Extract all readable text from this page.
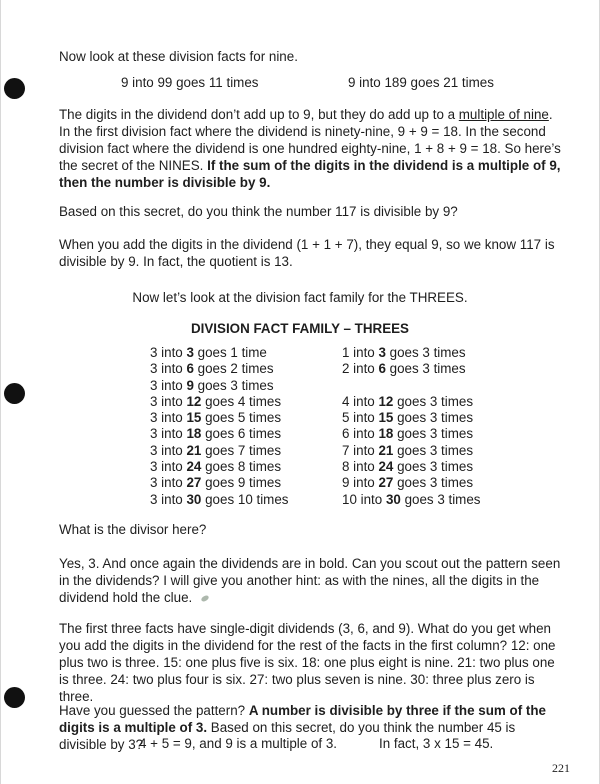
Now look at these division facts for nine.

9 into 99 goes 11 times	9 into 189 goes 21 times

The digits in the dividend don’t add up to 9, but they do add up to a multiple of nine. In the first division fact where the dividend is ninety-nine, 9 + 9 = 18. In the second division fact where the dividend is one hundred eighty-nine, 1 + 8 + 9 = 18. So here’s the secret of the NINES. If the sum of the digits in the dividend is a multiple of 9, then the number is divisible by 9.

Based on this secret, do you think the number 117 is divisible by 9?

When you add the digits in the dividend (1 + 1 + 7), they equal 9, so we know 117 is divisible by 9. In fact, the quotient is 13.

Now let’s look at the division fact family for the THREES.
DIVISION FACT FAMILY – THREES
3 into 3 goes 1 time
3 into 6 goes 2 times
3 into 9 goes 3 times
3 into 12 goes 4 times
3 into 15 goes 5 times
3 into 18 goes 6 times
3 into 21 goes 7 times
3 into 24 goes 8 times
3 into 27 goes 9 times
3 into 30 goes 10 times
1 into 3 goes 3 times
2 into 6 goes 3 times
4 into 12 goes 3 times
5 into 15 goes 3 times
6 into 18 goes 3 times
7 into 21 goes 3 times
8 into 24 goes 3 times
9 into 27 goes 3 times
10 into 30 goes 3 times

What is the divisor here?

Yes, 3. And once again the dividends are in bold. Can you scout out the pattern seen in the dividends? I will give you another hint: as with the nines, all the digits in the dividend hold the clue.

The first three facts have single-digit dividends (3, 6, and 9). What do you get when you add the digits in the dividend for the rest of the facts in the first column? 12: one plus two is three. 15: one plus five is six. 18: one plus eight is nine. 21: two plus one is three. 24: two plus four is six. 27: two plus seven is nine. 30: three plus zero is three.

Have you guessed the pattern? A number is divisible by three if the sum of the digits is a multiple of 3. Based on this secret, do you think the number 45 is divisible by 3?

4 + 5 = 9, and 9 is a multiple of 3.	In fact, 3 x 15 = 45.
221
